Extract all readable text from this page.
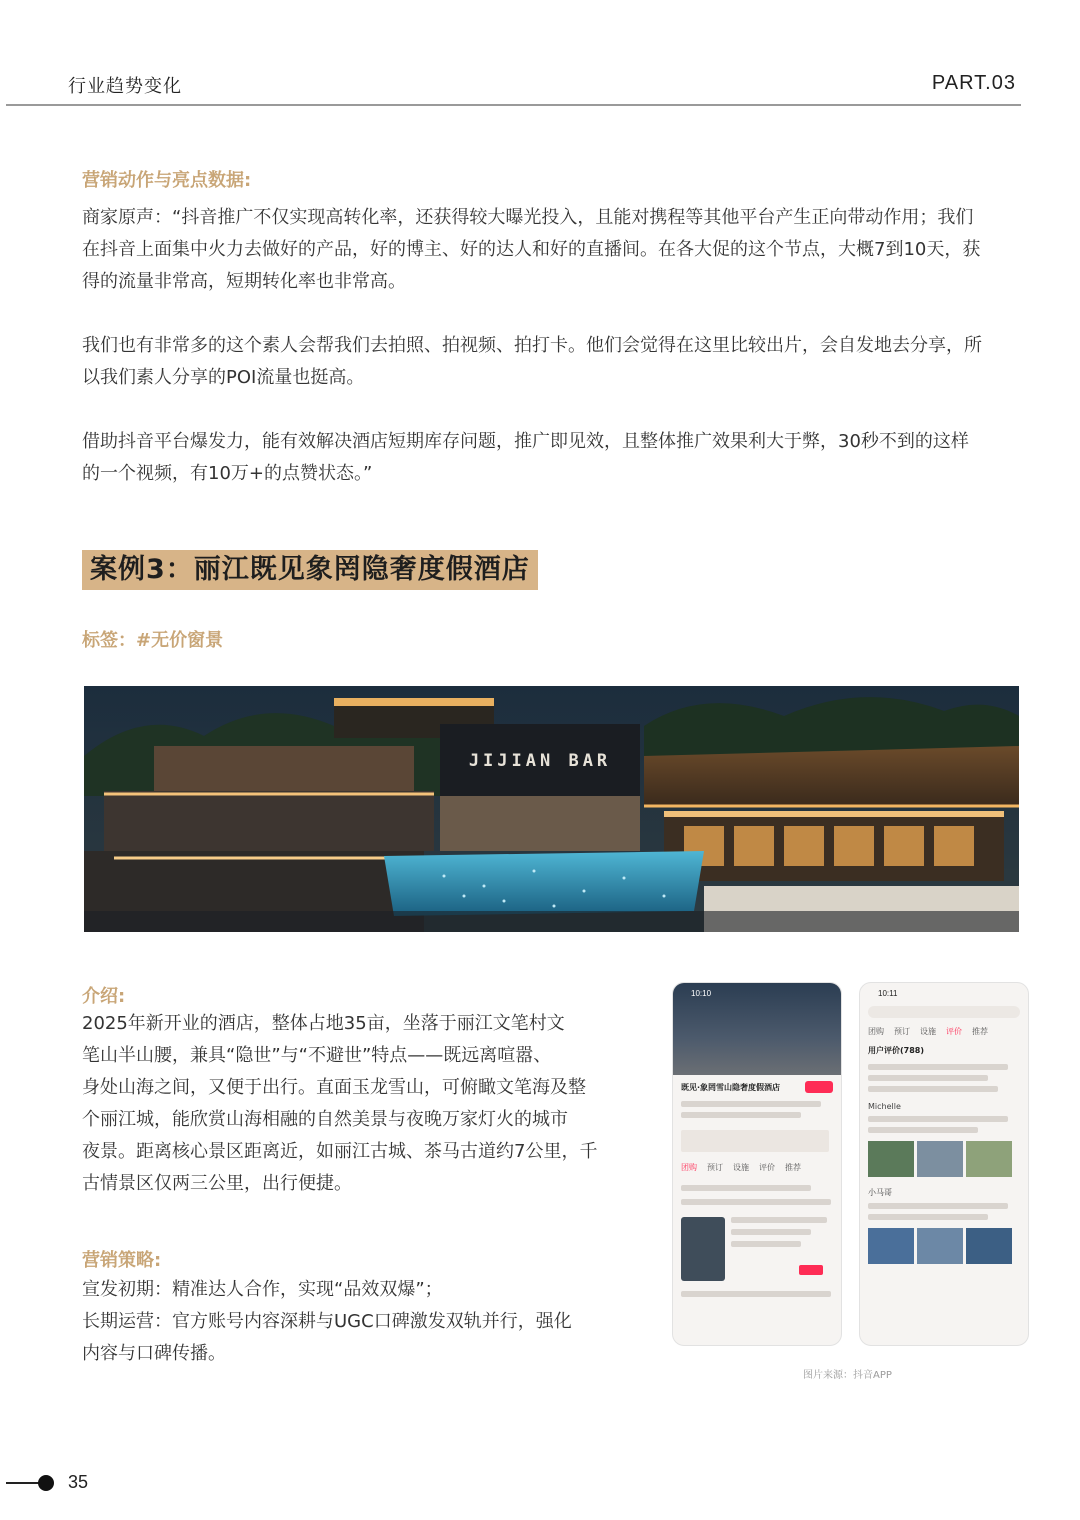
行业趋势变化	PART.03
营销动作与亮点数据:
商家原声：“抖音推广不仅实现高转化率，还获得较大曝光投入，且能对携程等其他平台产生正向带动作用；我们
在抖音上面集中火力去做好的产品，好的博主、好的达人和好的直播间。在各大促的这个节点，大概7到10天，获
得的流量非常高，短期转化率也非常高。
我们也有非常多的这个素人会帮我们去拍照、拍视频、拍打卡。他们会觉得在这里比较出片，会自发地去分享，所
以我们素人分享的POI流量也挺高。
借助抖音平台爆发力，能有效解决酒店短期库存问题，推广即见效，且整体推广效果利大于弊，30秒不到的这样
的一个视频，有10万+的点赞状态。”
案例3：丽江既见象罔隐奢度假酒店
标签：#无价窗景
JIJIAN BAR
介绍:
2025年新开业的酒店，整体占地35亩，坐落于丽江文笔村文
笔山半山腰，兼具“隐世”与“不避世”特点——既远离喧嚣、
身处山海之间，又便于出行。直面玉龙雪山，可俯瞰文笔海及整
个丽江城，能欣赏山海相融的自然美景与夜晚万家灯火的城市
夜景。距离核心景区距离近，如丽江古城、茶马古道约7公里，千
古情景区仅两三公里，出行便捷。
营销策略:
宣发初期：精准达人合作，实现“品效双爆”；
长期运营：官方账号内容深耕与UGC口碑激发双轨并行，强化
内容与口碑传播。
10:10
既见·象罔雪山隐奢度假酒店
团购 预订 设施 评价 推荐
10:11
团购 预订 设施 评价 推荐
用户评价(788)
Michelle
小马哥
图片来源：抖音APP
35
